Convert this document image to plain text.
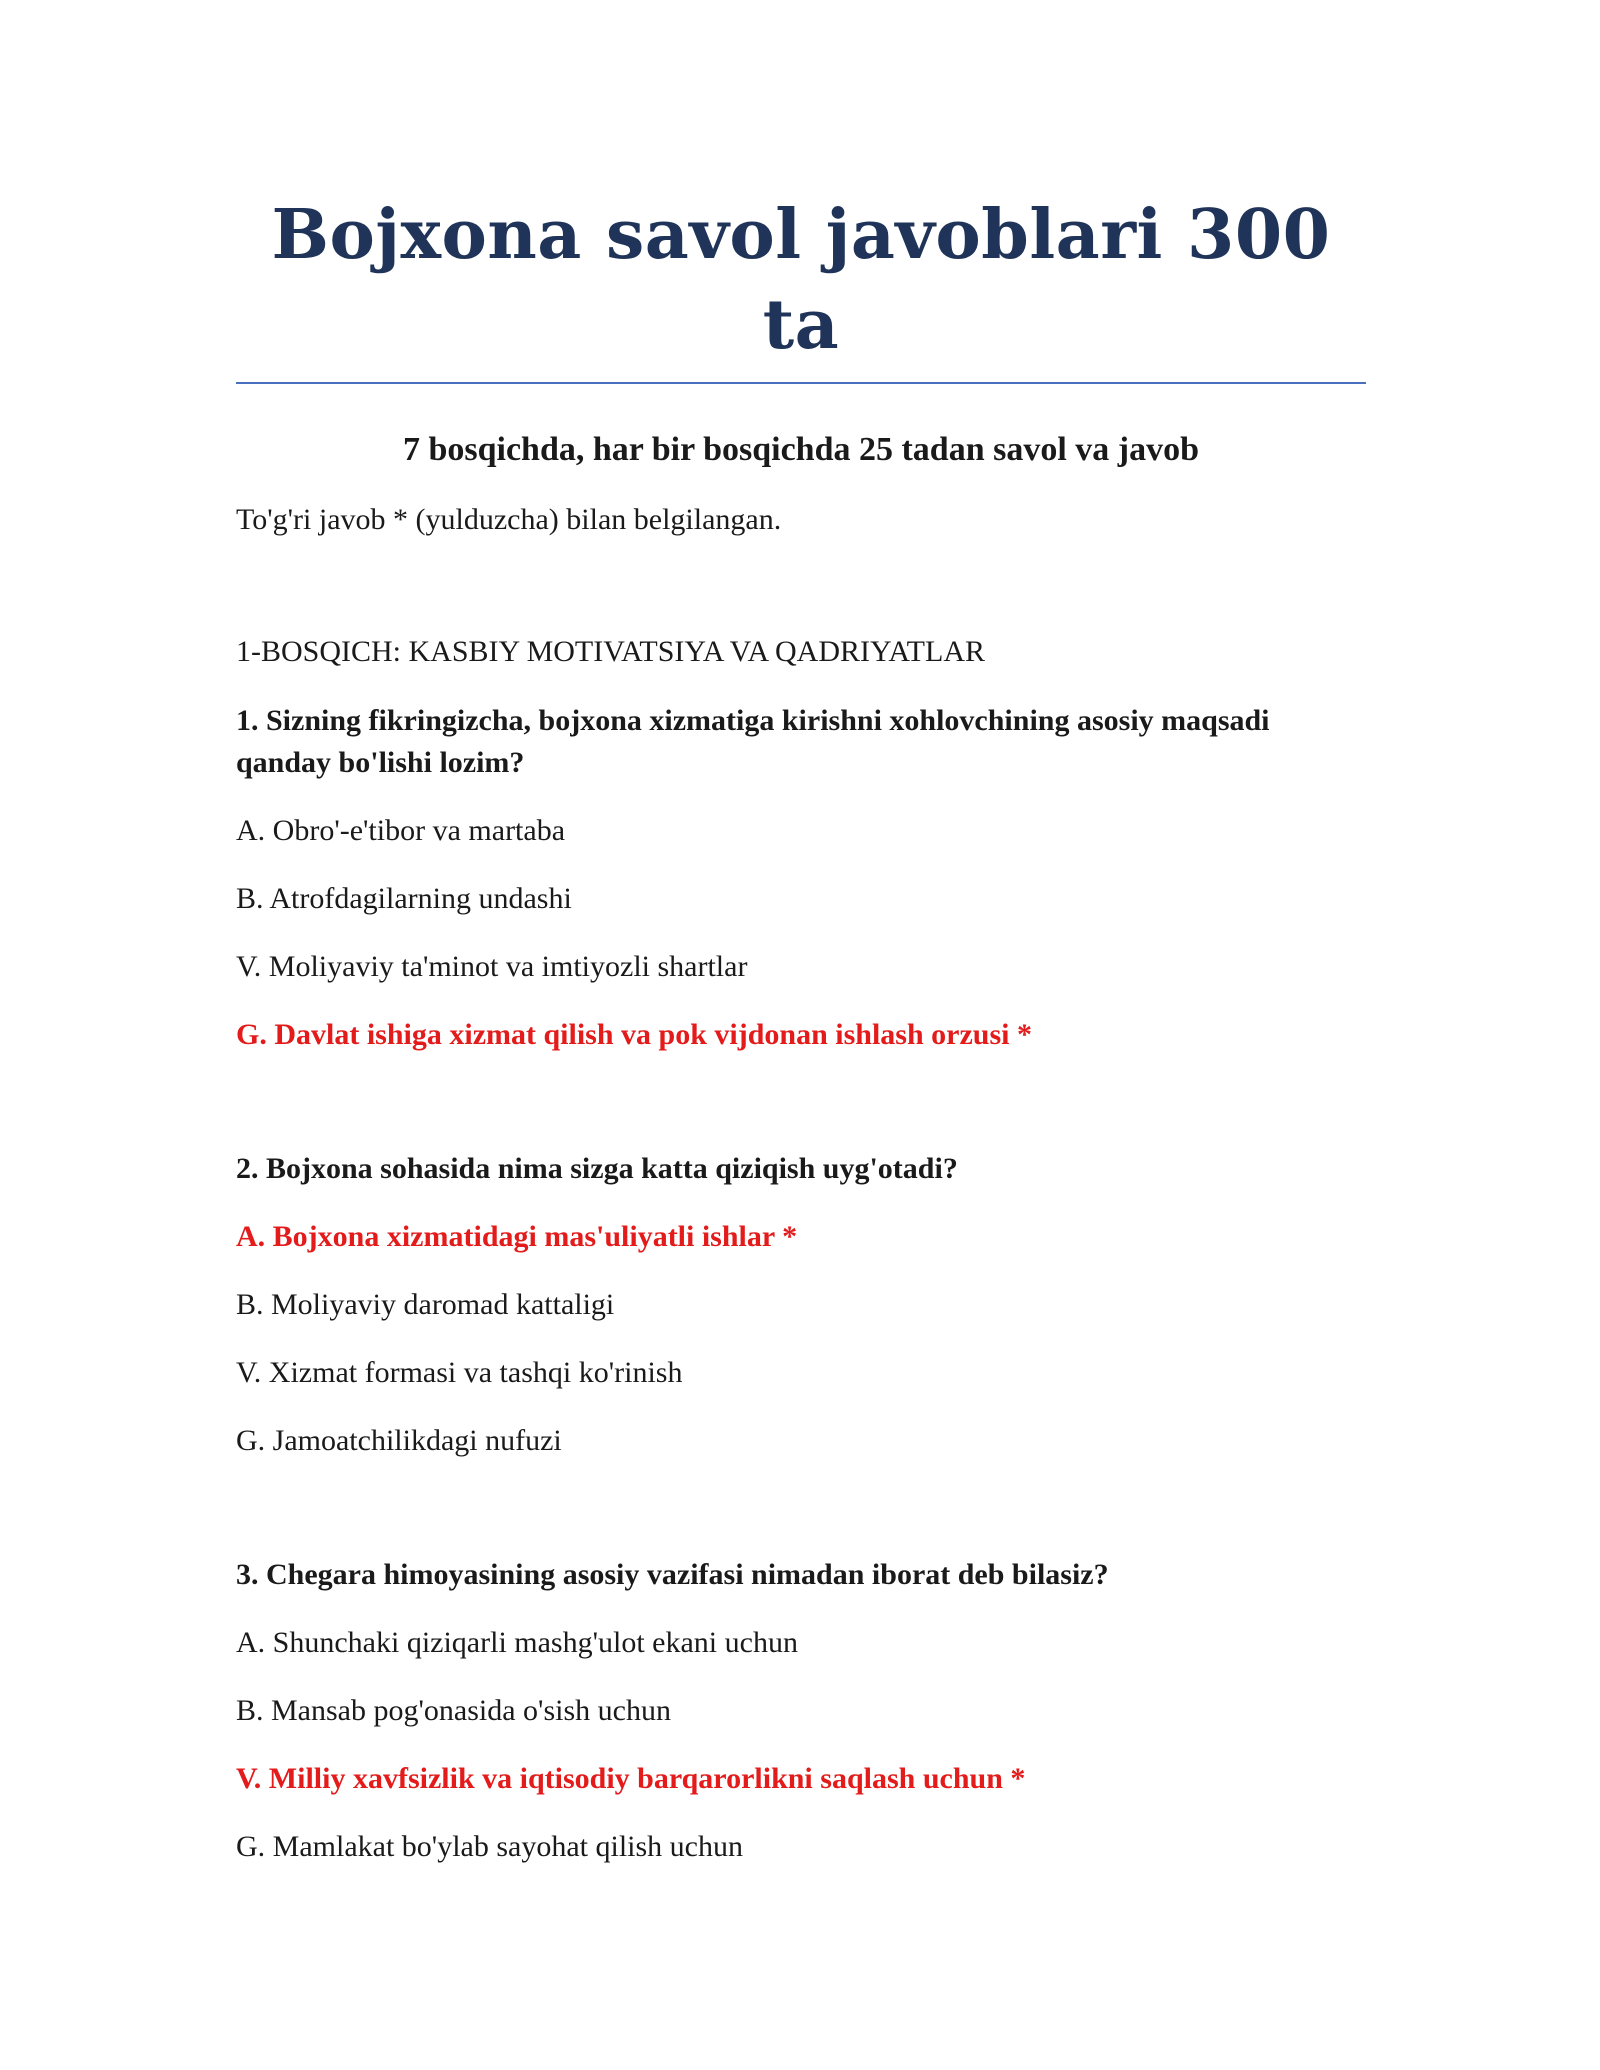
Bojxona savol javoblari 300 ta
7 bosqichda, har bir bosqichda 25 tadan savol va javob

To'g'ri javob * (yulduzcha) bilan belgilangan.

1-BOSQICH: KASBIY MOTIVATSIYA VA QADRIYATLAR

1. Sizning fikringizcha, bojxona xizmatiga kirishni xohlovchining asosiy maqsadi qanday bo'lishi lozim?

A. Obro'-e'tibor va martaba

B. Atrofdagilarning undashi

V. Moliyaviy ta'minot va imtiyozli shartlar

G. Davlat ishiga xizmat qilish va pok vijdonan ishlash orzusi *

2. Bojxona sohasida nima sizga katta qiziqish uyg'otadi?

A. Bojxona xizmatidagi mas'uliyatli ishlar *

B. Moliyaviy daromad kattaligi

V. Xizmat formasi va tashqi ko'rinish

G. Jamoatchilikdagi nufuzi

3. Chegara himoyasining asosiy vazifasi nimadan iborat deb bilasiz?

A. Shunchaki qiziqarli mashg'ulot ekani uchun

B. Mansab pog'onasida o'sish uchun

V. Milliy xavfsizlik va iqtisodiy barqarorlikni saqlash uchun *

G. Mamlakat bo'ylab sayohat qilish uchun
